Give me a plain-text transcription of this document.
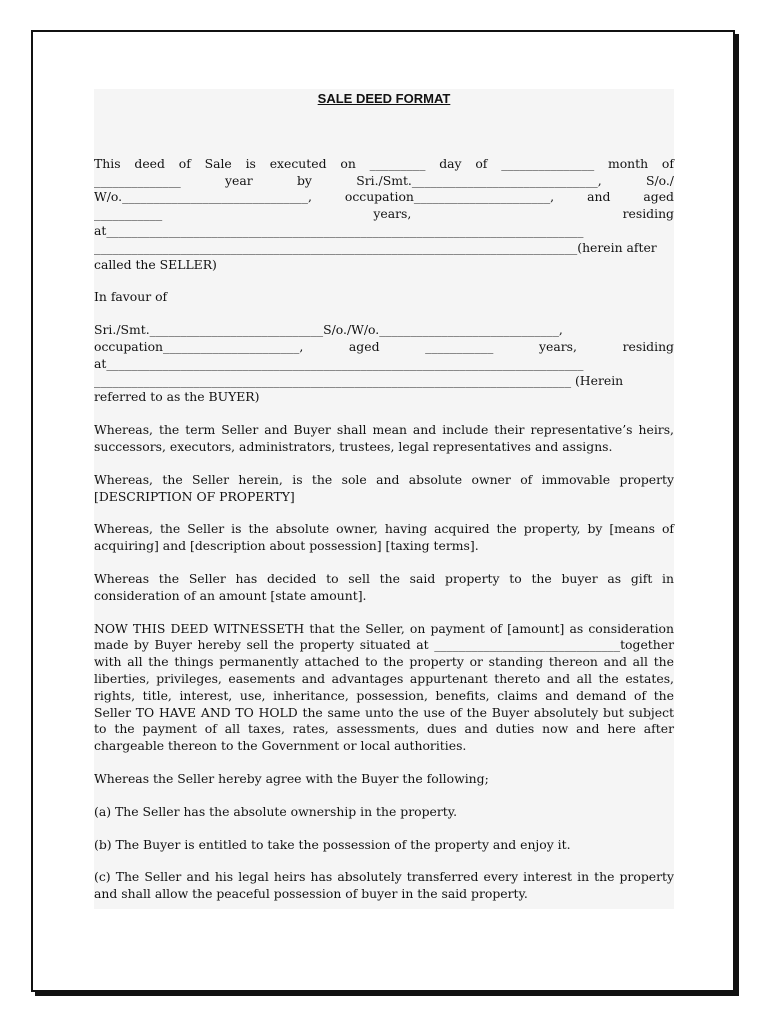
SALE DEED FORMAT
This deed of Sale is executed on _________ day of _______________ month of
______________	year	by	Sri./Smt.______________________________,	S/o./
W/o.______________________________,	occupation______________________,	and	aged
___________	years,	residing
at_____________________________________________________________________________
______________________________________________________________________________(herein after
called the SELLER)
In favour of
Sri./Smt.____________________________S/o./W/o._____________________________,
occupation______________________,	aged	___________	years,	residing
at_____________________________________________________________________________
_____________________________________________________________________________ (Herein
referred to as the BUYER)

Whereas, the term Seller and Buyer shall mean and include their representative’s heirs, successors, executors, administrators, trustees, legal representatives and assigns.

Whereas, the Seller herein, is the sole and absolute owner of immovable property [DESCRIPTION OF PROPERTY]

Whereas, the Seller is the absolute owner, having acquired the property, by [means of acquiring] and [description about possession] [taxing terms].

Whereas the Seller has decided to sell the said property to the buyer as gift in consideration of an amount [state amount].

NOW THIS DEED WITNESSETH that the Seller, on payment of [amount] as consideration made by Buyer hereby sell the property situated at ______________________________together with all the things permanently attached to the property or standing thereon and all the liberties, privileges, easements and advantages appurtenant thereto and all the estates, rights, title, interest, use, inheritance, possession, benefits, claims and demand of the Seller TO HAVE AND TO HOLD the same unto the use of the Buyer absolutely but subject to the payment of all taxes, rates, assessments, dues and duties now and here after chargeable thereon to the Government or local authorities.

Whereas the Seller hereby agree with the Buyer the following;

(a) The Seller has the absolute ownership in the property.

(b) The Buyer is entitled to take the possession of the property and enjoy it.

(c) The Seller and his legal heirs has absolutely transferred every interest in the property and shall allow the peaceful possession of buyer in the said property.
